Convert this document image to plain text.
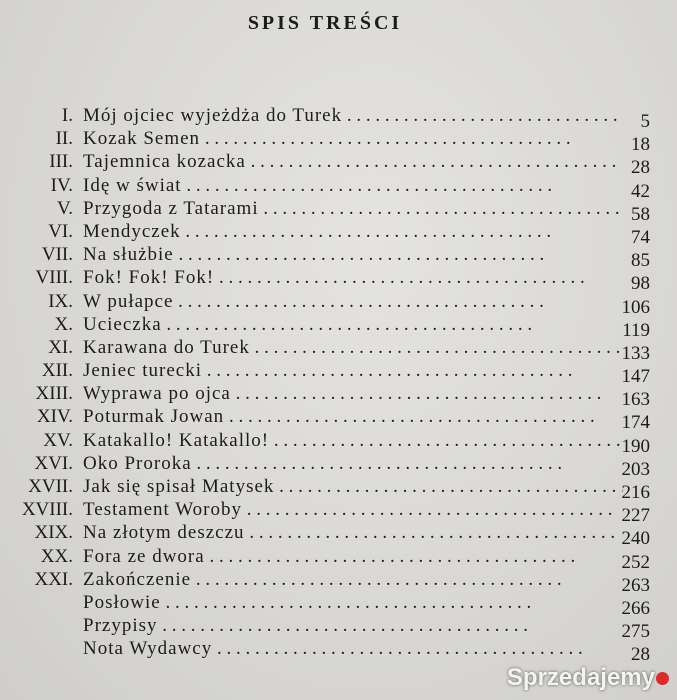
SPIS TREŚCI
I. Mój ojciec wyjeżdża do Turek . .	5
II. Kozak Semen . .	18
III. Tajemnica kozacka . .	28
IV. Idę w świat . .	42
V. Przygoda z Tatarami . .	58
VI. Mendyczek . .	74
VII. Na służbie . .	85
VIII. Fok! Fok! Fok! . .	98
IX. W pułapce . .	106
X. Ucieczka . .	119
XI. Karawana do Turek . .	133
XII. Jeniec turecki . .	147
XIII. Wyprawa po ojca . .	163
XIV. Poturmak Jowan . .	174
XV. Katakallo! Katakallo! . .	190
XVI. Oko Proroka . .	203
XVII. Jak się spisał Matysek . .	216
XVIII. Testament Woroby . .	227
XIX. Na złotym deszczu . .	240
XX. Fora ze dwora . .	252
XXI. Zakończenie . .	263
Posłowie . .	266
Przypisy . .	275
Nota Wydawcy . .	28
Sprzedajemy
